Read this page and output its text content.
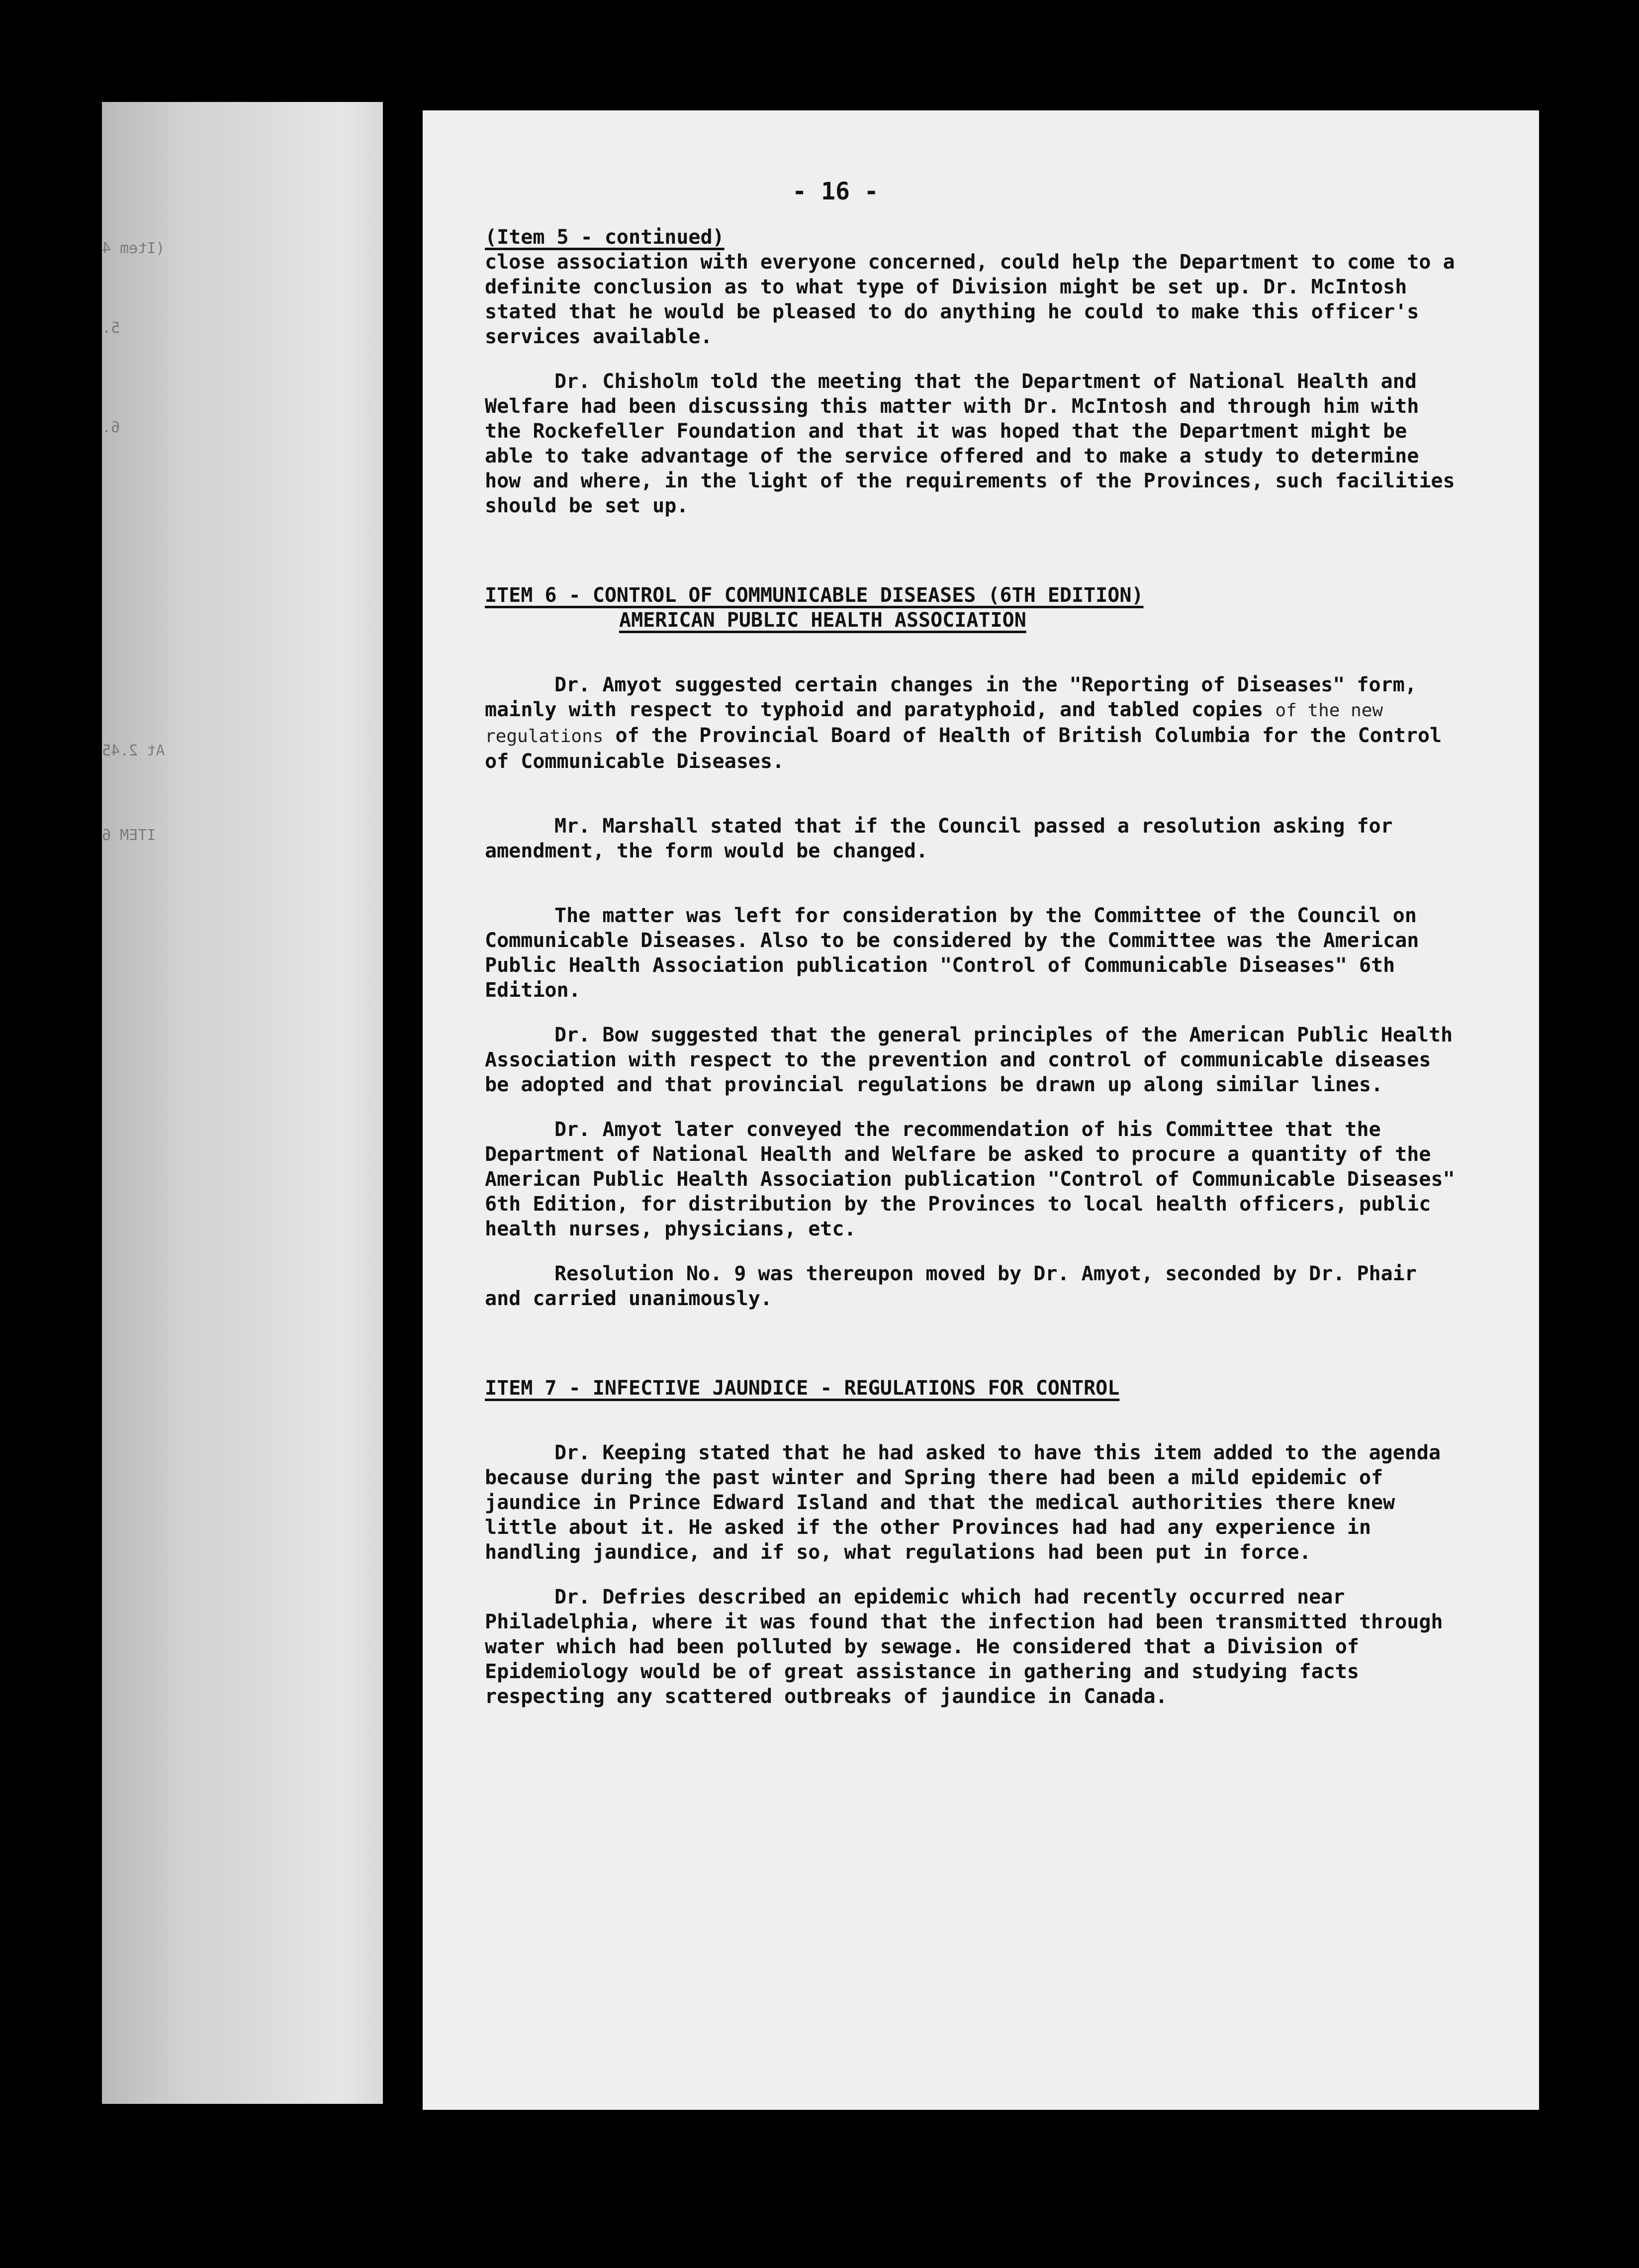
(Item 4
5.
6.
At 2.45
ITEM 6
- 16 -

(Item 5 - continued)

close association with everyone concerned, could help the Department to come to a definite conclusion as to what type of Division might be set up. Dr. McIntosh stated that he would be pleased to do anything he could to make this officer's services available.

Dr. Chisholm told the meeting that the Department of National Health and Welfare had been discussing this matter with Dr. McIntosh and through him with the Rockefeller Foundation and that it was hoped that the Department might be able to take advantage of the service offered and to make a study to determine how and where, in the light of the requirements of the Provinces, such facilities should be set up.

ITEM 6 - CONTROL OF COMMUNICABLE DISEASES (6TH EDITION)

AMERICAN PUBLIC HEALTH ASSOCIATION

Dr. Amyot suggested certain changes in the "Reporting of Diseases" form, mainly with respect to typhoid and paratyphoid, and tabled copies of the new regulations of the Provincial Board of Health of British Columbia for the Control of Communicable Diseases.

Mr. Marshall stated that if the Council passed a resolution asking for amendment, the form would be changed.

The matter was left for consideration by the Committee of the Council on Communicable Diseases. Also to be considered by the Committee was the American Public Health Association publication "Control of Communicable Diseases" 6th Edition.

Dr. Bow suggested that the general principles of the American Public Health Association with respect to the prevention and control of communicable diseases be adopted and that provincial regulations be drawn up along similar lines.

Dr. Amyot later conveyed the recommendation of his Committee that the Department of National Health and Welfare be asked to procure a quantity of the American Public Health Association publication "Control of Communicable Diseases" 6th Edition, for distribution by the Provinces to local health officers, public health nurses, physicians, etc.

Resolution No. 9 was thereupon moved by Dr. Amyot, seconded by Dr. Phair and carried unanimously.

ITEM 7 - INFECTIVE JAUNDICE - REGULATIONS FOR CONTROL

Dr. Keeping stated that he had asked to have this item added to the agenda because during the past winter and Spring there had been a mild epidemic of jaundice in Prince Edward Island and that the medical authorities there knew little about it. He asked if the other Provinces had had any experience in handling jaundice, and if so, what regulations had been put in force.

Dr. Defries described an epidemic which had recently occurred near Philadelphia, where it was found that the infection had been transmitted through water which had been polluted by sewage. He considered that a Division of Epidemiology would be of great assistance in gathering and studying facts respecting any scattered outbreaks of jaundice in Canada.
